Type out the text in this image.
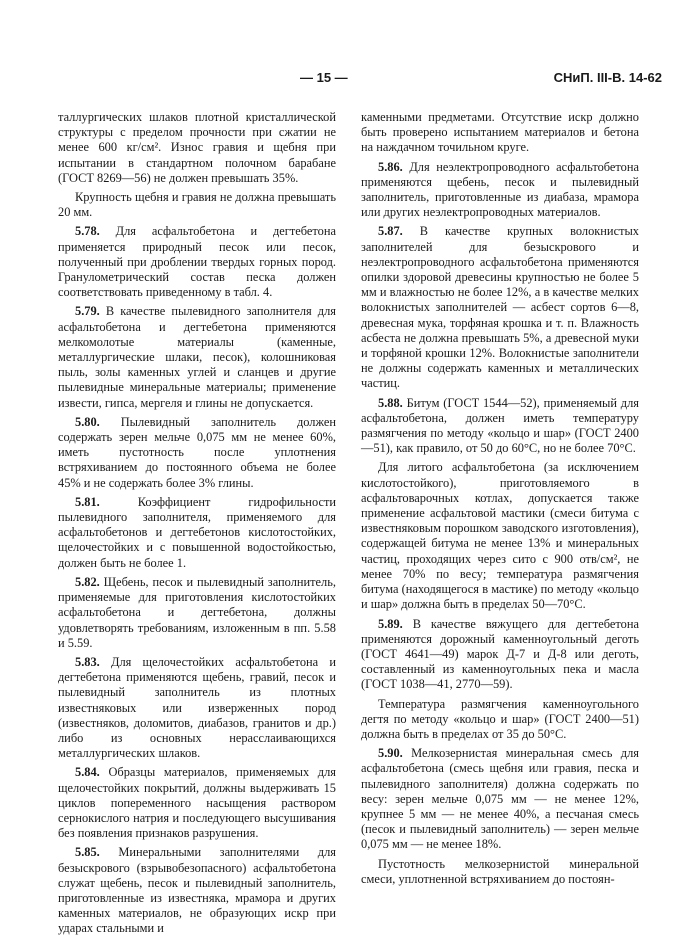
— 15 —	СНиП. III-В. 14-62

таллургических шлаков плотной кристаллической структуры с пределом прочности при сжатии не менее 600 кг/см². Износ гравия и щебня при испытании в стандартном полочном барабане (ГОСТ 8269—56) не должен превышать 35%.

Крупность щебня и гравия не должна превышать 20 мм.

5.78. Для асфальтобетона и дегтебетона применяется природный песок или песок, полученный при дроблении твердых горных пород. Гранулометрический состав песка должен соответствовать приведенному в табл. 4.

5.79. В качестве пылевидного заполнителя для асфальтобетона и дегтебетона применяются мелкомолотые материалы (каменные, металлургические шлаки, песок), колошниковая пыль, золы каменных углей и сланцев и другие пылевидные минеральные материалы; применение извести, гипса, мергеля и глины не допускается.

5.80. Пылевидный заполнитель должен содержать зерен мельче 0,075 мм не менее 60%, иметь пустотность после уплотнения встряхиванием до постоянного объема не более 45% и не содержать более 3% глины.

5.81.	Коэффициент гидрофильности пылевидного заполнителя, применяемого для асфальтобетонов и дегтебетонов кислотостойких, щелочестойких и с повышенной водостойкостью, должен быть не более 1.

5.82. Щебень, песок и пылевидный заполнитель, применяемые для приготовления кислотостойких асфальтобетона и дегтебетона, должны удовлетворять требованиям, изложенным в пп. 5.58 и 5.59.

5.83. Для щелочестойких асфальтобетона и дегтебетона применяются щебень, гравий, песок и пылевидный заполнитель из плотных известняковых или изверженных пород (известняков, доломитов, диабазов, гранитов и др.) либо из основных нерасслаивающихся металлургических шлаков.

5.84. Образцы материалов, применяемых для щелочестойких покрытий, должны выдерживать 15 циклов попеременного насыщения раствором сернокислого натрия и последующего высушивания без появления признаков разрушения.

5.85. Минеральными заполнителями для безыскрового (взрывобезопасного) асфальтобетона служат щебень, песок и пылевидный заполнитель, приготовленные из известняка, мрамора и других каменных материалов, не образующих искр при ударах стальными и

каменными предметами. Отсутствие искр должно быть проверено испытанием материалов и бетона на наждачном точильном круге.

5.86. Для неэлектропроводного асфальтобетона применяются щебень, песок и пылевидный заполнитель, приготовленные из диабаза, мрамора или других неэлектропроводных материалов.

5.87. В качестве крупных волокнистых заполнителей для безыскрового и неэлектропроводного асфальтобетона применяются опилки здоровой древесины крупностью не более 5 мм и влажностью не более 12%, а в качестве мелких волокнистых заполнителей — асбест сортов 6—8, древесная мука, торфяная крошка и т. п. Влажность асбеста не должна превышать 5%, а древесной муки и торфяной крошки 12%. Волокнистые заполнители не должны содержать каменных и металлических частиц.

5.88. Битум (ГОСТ 1544—52), применяемый для асфальтобетона, должен иметь температуру размягчения по методу «кольцо и шар» (ГОСТ 2400—51), как правило, от 50 до 60°С, но не более 70°С.

Для литого асфальтобетона (за исключением кислотостойкого), приготовляемого в асфальтоварочных котлах, допускается также применение асфальтовой мастики (смеси битума с известняковым порошком заводского изготовления), содержащей битума не менее 13% и минеральных частиц, проходящих через сито с 900 отв/см², не менее 70% по весу; температура размягчения битума (находящегося в мастике) по методу «кольцо и шар» должна быть в пределах 50—70°С.

5.89. В качестве вяжущего для дегтебетона применяются дорожный каменноугольный деготь (ГОСТ 4641—49) марок Д-7 и Д-8 или деготь, составленный из каменноугольных пека и масла (ГОСТ 1038—41, 2770—59).

Температура размягчения каменноугольного дегтя по методу «кольцо и шар» (ГОСТ 2400—51) должна быть в пределах от 35 до 50°С.

5.90. Мелкозернистая минеральная смесь для асфальтобетона (смесь щебня или гравия, песка и пылевидного заполнителя) должна содержать по весу: зерен мельче 0,075 мм — не менее 12%, крупнее 5 мм — не менее 40%, а песчаная смесь (песок и пылевидный заполнитель) — зерен мельче 0,075 мм — не менее 18%.

Пустотность мелкозернистой минеральной смеси, уплотненной встряхиванием до постоян-
